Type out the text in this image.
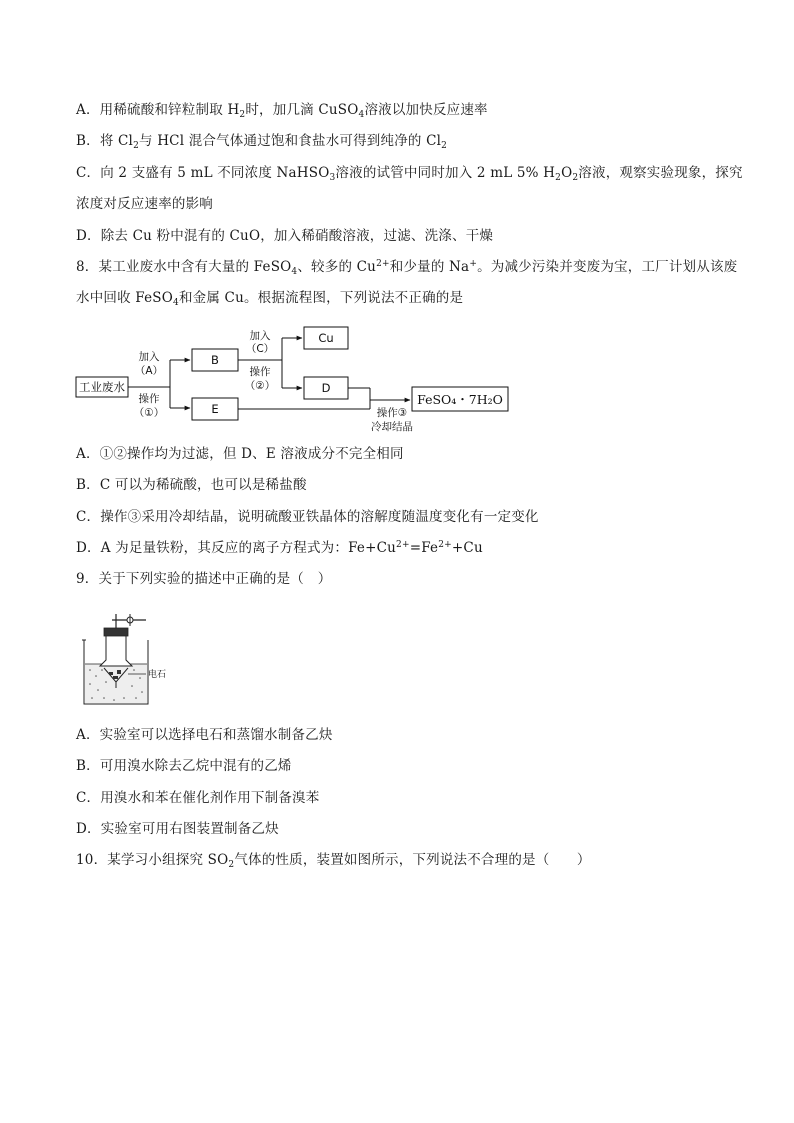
A．用稀硫酸和锌粒制取 $H_2$时，加几滴 CuSO$_4$溶液以加快反应速率
B．将 $Cl_2$与 HCl 混合气体通过饱和食盐水可得到纯净的 $Cl_2$
C．向 2 支盛有 5 mL 不同浓度 NaHSO$_3$溶液的试管中同时加入 2 mL 5% $H_2O_2$溶液，观察实验现象，探究
浓度对反应速率的影响
D．除去 Cu 粉中混有的 CuO，加入稀硝酸溶液，过滤、洗涤、干燥
8．某工业废水中含有大量的 FeSO$_4$、较多的 $Cu^{2+}$和少量的 Na+。为减少污染并变废为宝，工厂计划从该废
水中回收 FeSO$_4$和金属 Cu。根据流程图，下列说法不正确的是
工业废水
加入
（A）
操作
（①）
B
E
加入
（C）
操作
（②）
Cu
D
操作③
冷却结晶
FeSO₄・7H₂O
A．①②操作均为过滤，但 D、E 溶液成分不完全相同
B．C 可以为稀硫酸，也可以是稀盐酸
C．操作③采用冷却结晶，说明硫酸亚铁晶体的溶解度随温度变化有一定变化
D．A 为足量铁粉，其反应的离子方程式为：$Fe+Cu^{2+}=Fe^{2+}+Cu$
9．关于下列实验的描述中正确的是（　）
电石
A．实验室可以选择电石和蒸馏水制备乙炔
B．可用溴水除去乙烷中混有的乙烯
C．用溴水和苯在催化剂作用下制备溴苯
D．实验室可用右图装置制备乙炔
10．某学习小组探究 $SO_2$气体的性质，装置如图所示，下列说法不合理的是（　　）
